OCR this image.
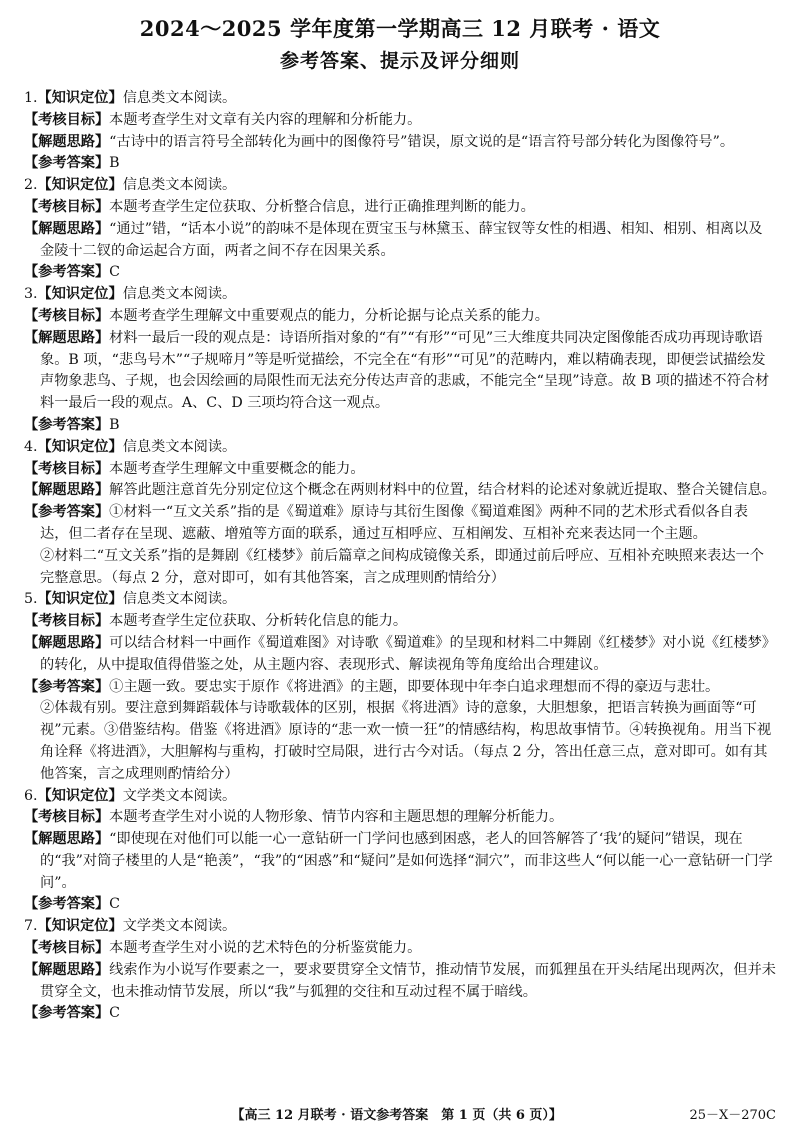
2024～2025 学年度第一学期高三 12 月联考 · 语文
参考答案、提示及评分细则

1.【知识定位】信息类文本阅读。

【考核目标】本题考查学生对文章有关内容的理解和分析能力。

【解题思路】“古诗中的语言符号全部转化为画中的图像符号”错误，原文说的是“语言符号部分转化为图像符号”。

【参考答案】B

2.【知识定位】信息类文本阅读。

【考核目标】本题考查学生定位获取、分析整合信息，进行正确推理判断的能力。

【解题思路】“通过”错，“话本小说”的韵味不是体现在贾宝玉与林黛玉、薛宝钗等女性的相遇、相知、相别、相离以及金陵十二钗的命运起合方面，两者之间不存在因果关系。

【参考答案】C

3.【知识定位】信息类文本阅读。

【考核目标】本题考查学生理解文中重要观点的能力，分析论据与论点关系的能力。

【解题思路】材料一最后一段的观点是：诗语所指对象的“有”“有形”“可见”三大维度共同决定图像能否成功再现诗歌语象。B 项，“悲鸟号木”“子规啼月”等是听觉描绘，不完全在“有形”“可见”的范畴内，难以精确表现，即便尝试描绘发声物象悲鸟、子规，也会因绘画的局限性而无法充分传达声音的悲戚，不能完全“呈现”诗意。故 B 项的描述不符合材料一最后一段的观点。A、C、D 三项均符合这一观点。

【参考答案】B

4.【知识定位】信息类文本阅读。

【考核目标】本题考查学生理解文中重要概念的能力。

【解题思路】解答此题注意首先分别定位这个概念在两则材料中的位置，结合材料的论述对象就近提取、整合关键信息。

【参考答案】①材料一“互文关系”指的是《蜀道难》原诗与其衍生图像《蜀道难图》两种不同的艺术形式看似各自表达，但二者存在呈现、遮蔽、增殖等方面的联系，通过互相呼应、互相阐发、互相补充来表达同一个主题。

②材料二“互文关系”指的是舞剧《红楼梦》前后篇章之间构成镜像关系，即通过前后呼应、互相补充映照来表达一个完整意思。（每点 2 分，意对即可，如有其他答案，言之成理则酌情给分）

5.【知识定位】信息类文本阅读。

【考核目标】本题考查学生定位获取、分析转化信息的能力。

【解题思路】可以结合材料一中画作《蜀道难图》对诗歌《蜀道难》的呈现和材料二中舞剧《红楼梦》对小说《红楼梦》的转化，从中提取值得借鉴之处，从主题内容、表现形式、解读视角等角度给出合理建议。

【参考答案】①主题一致。要忠实于原作《将进酒》的主题，即要体现中年李白追求理想而不得的豪迈与悲壮。

②体裁有别。要注意到舞蹈载体与诗歌载体的区别，根据《将进酒》诗的意象，大胆想象，把语言转换为画面等“可视”元素。③借鉴结构。借鉴《将进酒》原诗的“悲一欢一愤一狂”的情感结构，构思故事情节。④转换视角。用当下视角诠释《将进酒》，大胆解构与重构，打破时空局限，进行古今对话。（每点 2 分，答出任意三点，意对即可。如有其他答案，言之成理则酌情给分）

6.【知识定位】文学类文本阅读。

【考核目标】本题考查学生对小说的人物形象、情节内容和主题思想的理解分析能力。

【解题思路】“即使现在对他们可以能一心一意钻研一门学问也感到困惑，老人的回答解答了‘我’的疑问”错误，现在的“我”对筒子楼里的人是“艳羡”，“我”的“困惑”和“疑问”是如何选择“洞穴”，而非这些人“何以能一心一意钻研一门学问”。

【参考答案】C

7.【知识定位】文学类文本阅读。

【考核目标】本题考查学生对小说的艺术特色的分析鉴赏能力。

【解题思路】线索作为小说写作要素之一，要求要贯穿全文情节，推动情节发展，而狐狸虽在开头结尾出现两次，但并未贯穿全文，也未推动情节发展，所以“我”与狐狸的交往和互动过程不属于暗线。

【参考答案】C

【高三 12 月联考 · 语文参考答案　第 1 页（共 6 页）】	25－X－270C
